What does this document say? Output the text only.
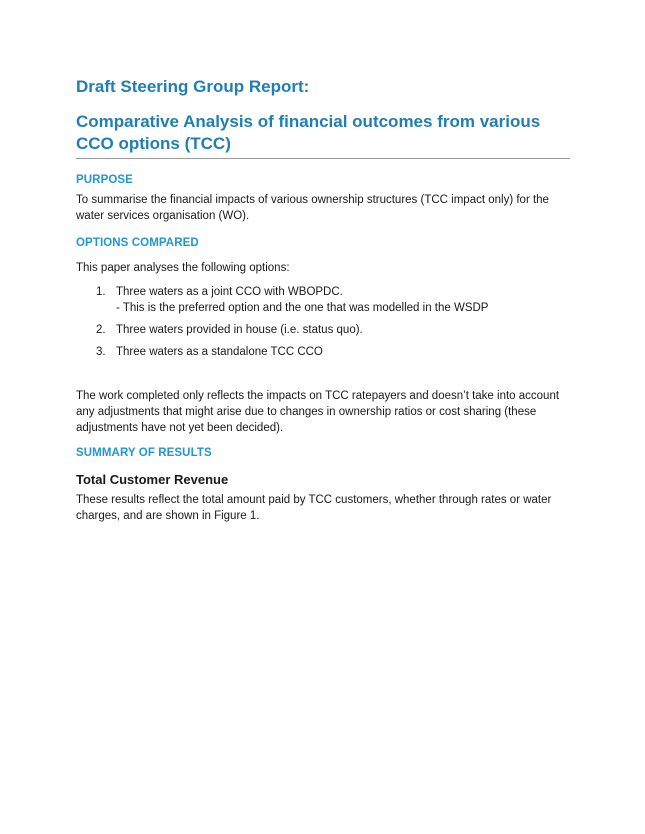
Draft Steering Group Report:
Comparative Analysis of financial outcomes from various CCO options (TCC)
PURPOSE

To summarise the financial impacts of various ownership structures (TCC impact only) for the water services organisation (WO).

OPTIONS COMPARED

This paper analyses the following options:

1. Three waters as a joint CCO with WBOPDC.
- This is the preferred option and the one that was modelled in the WSDP
2. Three waters provided in house (i.e. status quo).
3. Three waters as a standalone TCC CCO

The work completed only reflects the impacts on TCC ratepayers and doesn’t take into account any adjustments that might arise due to changes in ownership ratios or cost sharing (these adjustments have not yet been decided).

SUMMARY OF RESULTS
Total Customer Revenue

These results reflect the total amount paid by TCC customers, whether through rates or water charges, and are shown in Figure 1.
